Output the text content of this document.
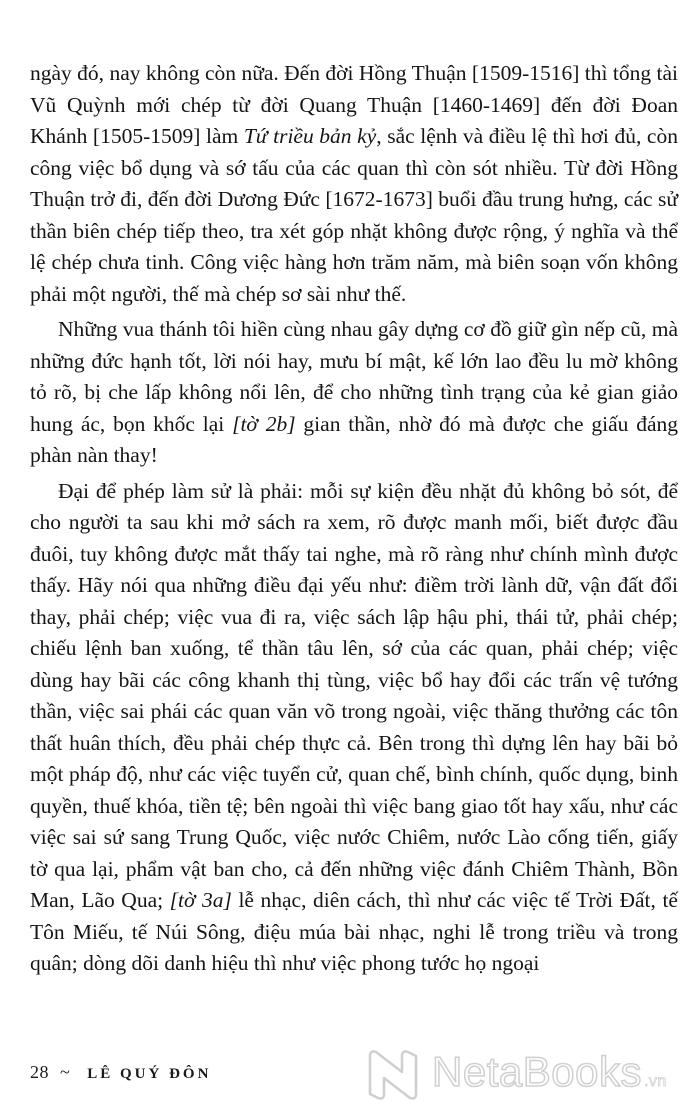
ngày đó, nay không còn nữa. Đến đời Hồng Thuận [1509-1516] thì tổng tài Vũ Quỳnh mới chép từ đời Quang Thuận [1460-1469] đến đời Đoan Khánh [1505-1509] làm Tứ triều bản kỷ, sắc lệnh và điều lệ thì hơi đủ, còn công việc bổ dụng và sớ tấu của các quan thì còn sót nhiều. Từ đời Hồng Thuận trở đi, đến đời Dương Đức [1672-1673] buổi đầu trung hưng, các sử thần biên chép tiếp theo, tra xét góp nhặt không được rộng, ý nghĩa và thể lệ chép chưa tinh. Công việc hàng hơn trăm năm, mà biên soạn vốn không phải một người, thế mà chép sơ sài như thế.

Những vua thánh tôi hiền cùng nhau gây dựng cơ đồ giữ gìn nếp cũ, mà những đức hạnh tốt, lời nói hay, mưu bí mật, kế lớn lao đều lu mờ không tỏ rõ, bị che lấp không nổi lên, để cho những tình trạng của kẻ gian giảo hung ác, bọn khốc lại [tờ 2b] gian thần, nhờ đó mà được che giấu đáng phàn nàn thay!

Đại để phép làm sử là phải: mỗi sự kiện đều nhặt đủ không bỏ sót, để cho người ta sau khi mở sách ra xem, rõ được manh mối, biết được đầu đuôi, tuy không được mắt thấy tai nghe, mà rõ ràng như chính mình được thấy. Hãy nói qua những điều đại yếu như: điềm trời lành dữ, vận đất đổi thay, phải chép; việc vua đi ra, việc sách lập hậu phi, thái tử, phải chép; chiếu lệnh ban xuống, tể thần tâu lên, sớ của các quan, phải chép; việc dùng hay bãi các công khanh thị tùng, việc bổ hay đổi các trấn vệ tướng thần, việc sai phái các quan văn võ trong ngoài, việc thăng thưởng các tôn thất huân thích, đều phải chép thực cả. Bên trong thì dựng lên hay bãi bỏ một pháp độ, như các việc tuyển cử, quan chế, bình chính, quốc dụng, binh quyền, thuế khóa, tiền tệ; bên ngoài thì việc bang giao tốt hay xấu, như các việc sai sứ sang Trung Quốc, việc nước Chiêm, nước Lào cống tiến, giấy tờ qua lại, phẩm vật ban cho, cả đến những việc đánh Chiêm Thành, Bồn Man, Lão Qua; [tờ 3a] lễ nhạc, diên cách, thì như các việc tế Trời Đất, tế Tôn Miếu, tế Núi Sông, điệu múa bài nhạc, nghi lễ trong triều và trong quân; dòng dõi danh hiệu thì như việc phong tước họ ngoại

28 ~ LÊ QUÝ ĐÔN	NetaBooks .vn
